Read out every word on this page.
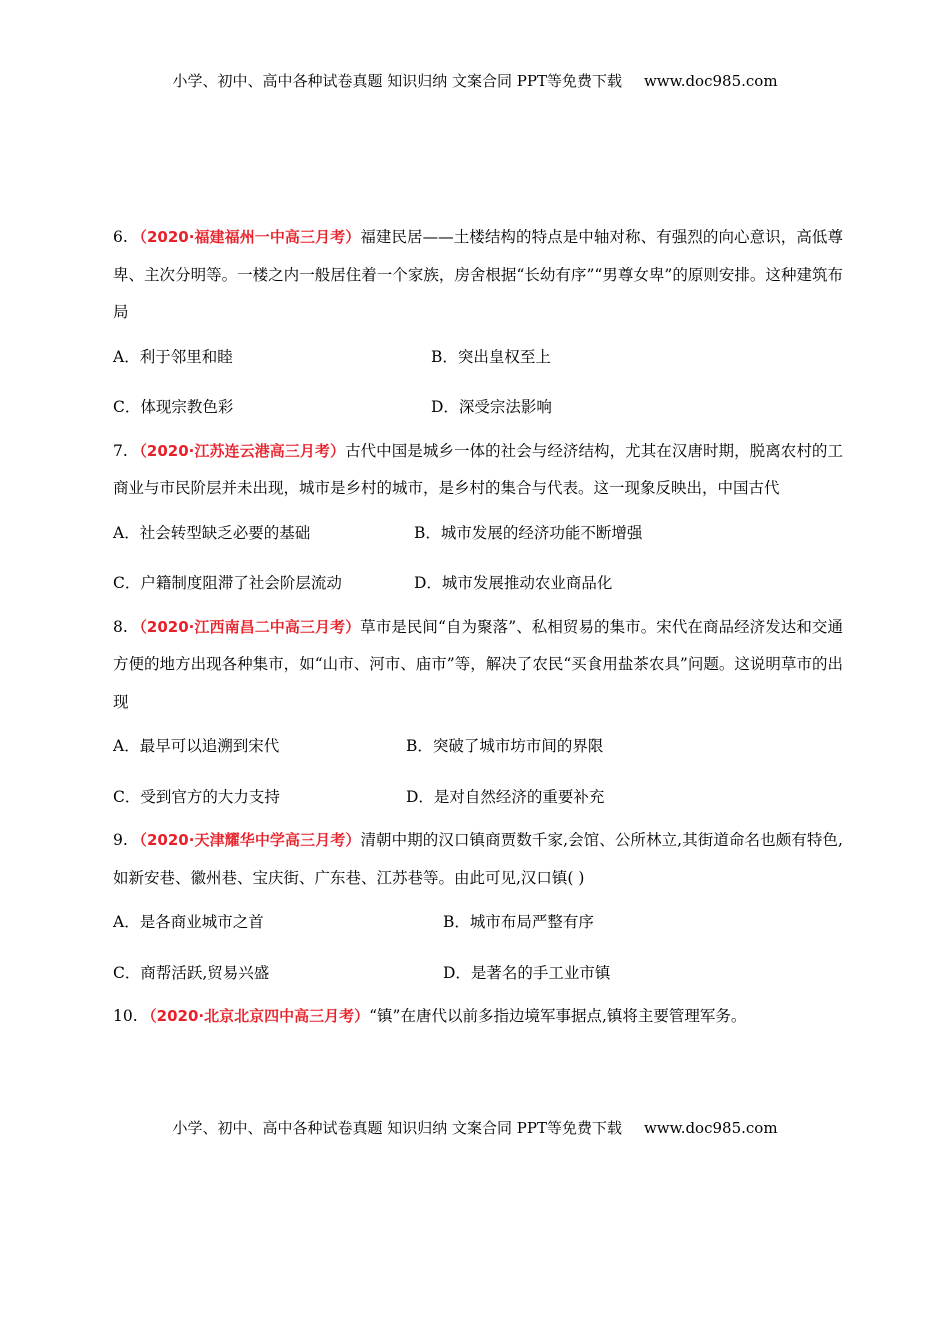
小学、初中、高中各种试卷真题 知识归纳 文案合同 PPT等免费下载 www.doc985.com

6. （2020·福建福州一中高三月考）福建民居——土楼结构的特点是中轴对称、有强烈的向心意识，高低尊卑、主次分明等。一楼之内一般居住着一个家族，房舍根据“长幼有序”“男尊女卑”的原则安排。这种建筑布局

A．利于邻里和睦	B．突出皇权至上
C．体现宗教色彩	D．深受宗法影响

7. （2020·江苏连云港高三月考）古代中国是城乡一体的社会与经济结构，尤其在汉唐时期，脱离农村的工商业与市民阶层并未出现，城市是乡村的城市，是乡村的集合与代表。这一现象反映出，中国古代

A．社会转型缺乏必要的基础	B．城市发展的经济功能不断增强
C．户籍制度阻滞了社会阶层流动	D．城市发展推动农业商品化

8. （2020·江西南昌二中高三月考）草市是民间“自为聚落”、私相贸易的集市。宋代在商品经济发达和交通方便的地方出现各种集市，如“山市、河市、庙市”等，解决了农民“买食用盐茶农具”问题。这说明草市的出现

A．最早可以追溯到宋代	B．突破了城市坊市间的界限
C．受到官方的大力支持	D．是对自然经济的重要补充

9. （2020·天津耀华中学高三月考）清朝中期的汉口镇商贾数千家,会馆、公所林立,其街道命名也颇有特色,如新安巷、徽州巷、宝庆街、广东巷、江苏巷等。由此可见,汉口镇( )

A．是各商业城市之首	B．城市布局严整有序
C．商帮活跃,贸易兴盛	D．是著名的手工业市镇

10. （2020·北京北京四中高三月考）“镇”在唐代以前多指边境军事据点,镇将主要管理军务。

小学、初中、高中各种试卷真题 知识归纳 文案合同 PPT等免费下载 www.doc985.com
